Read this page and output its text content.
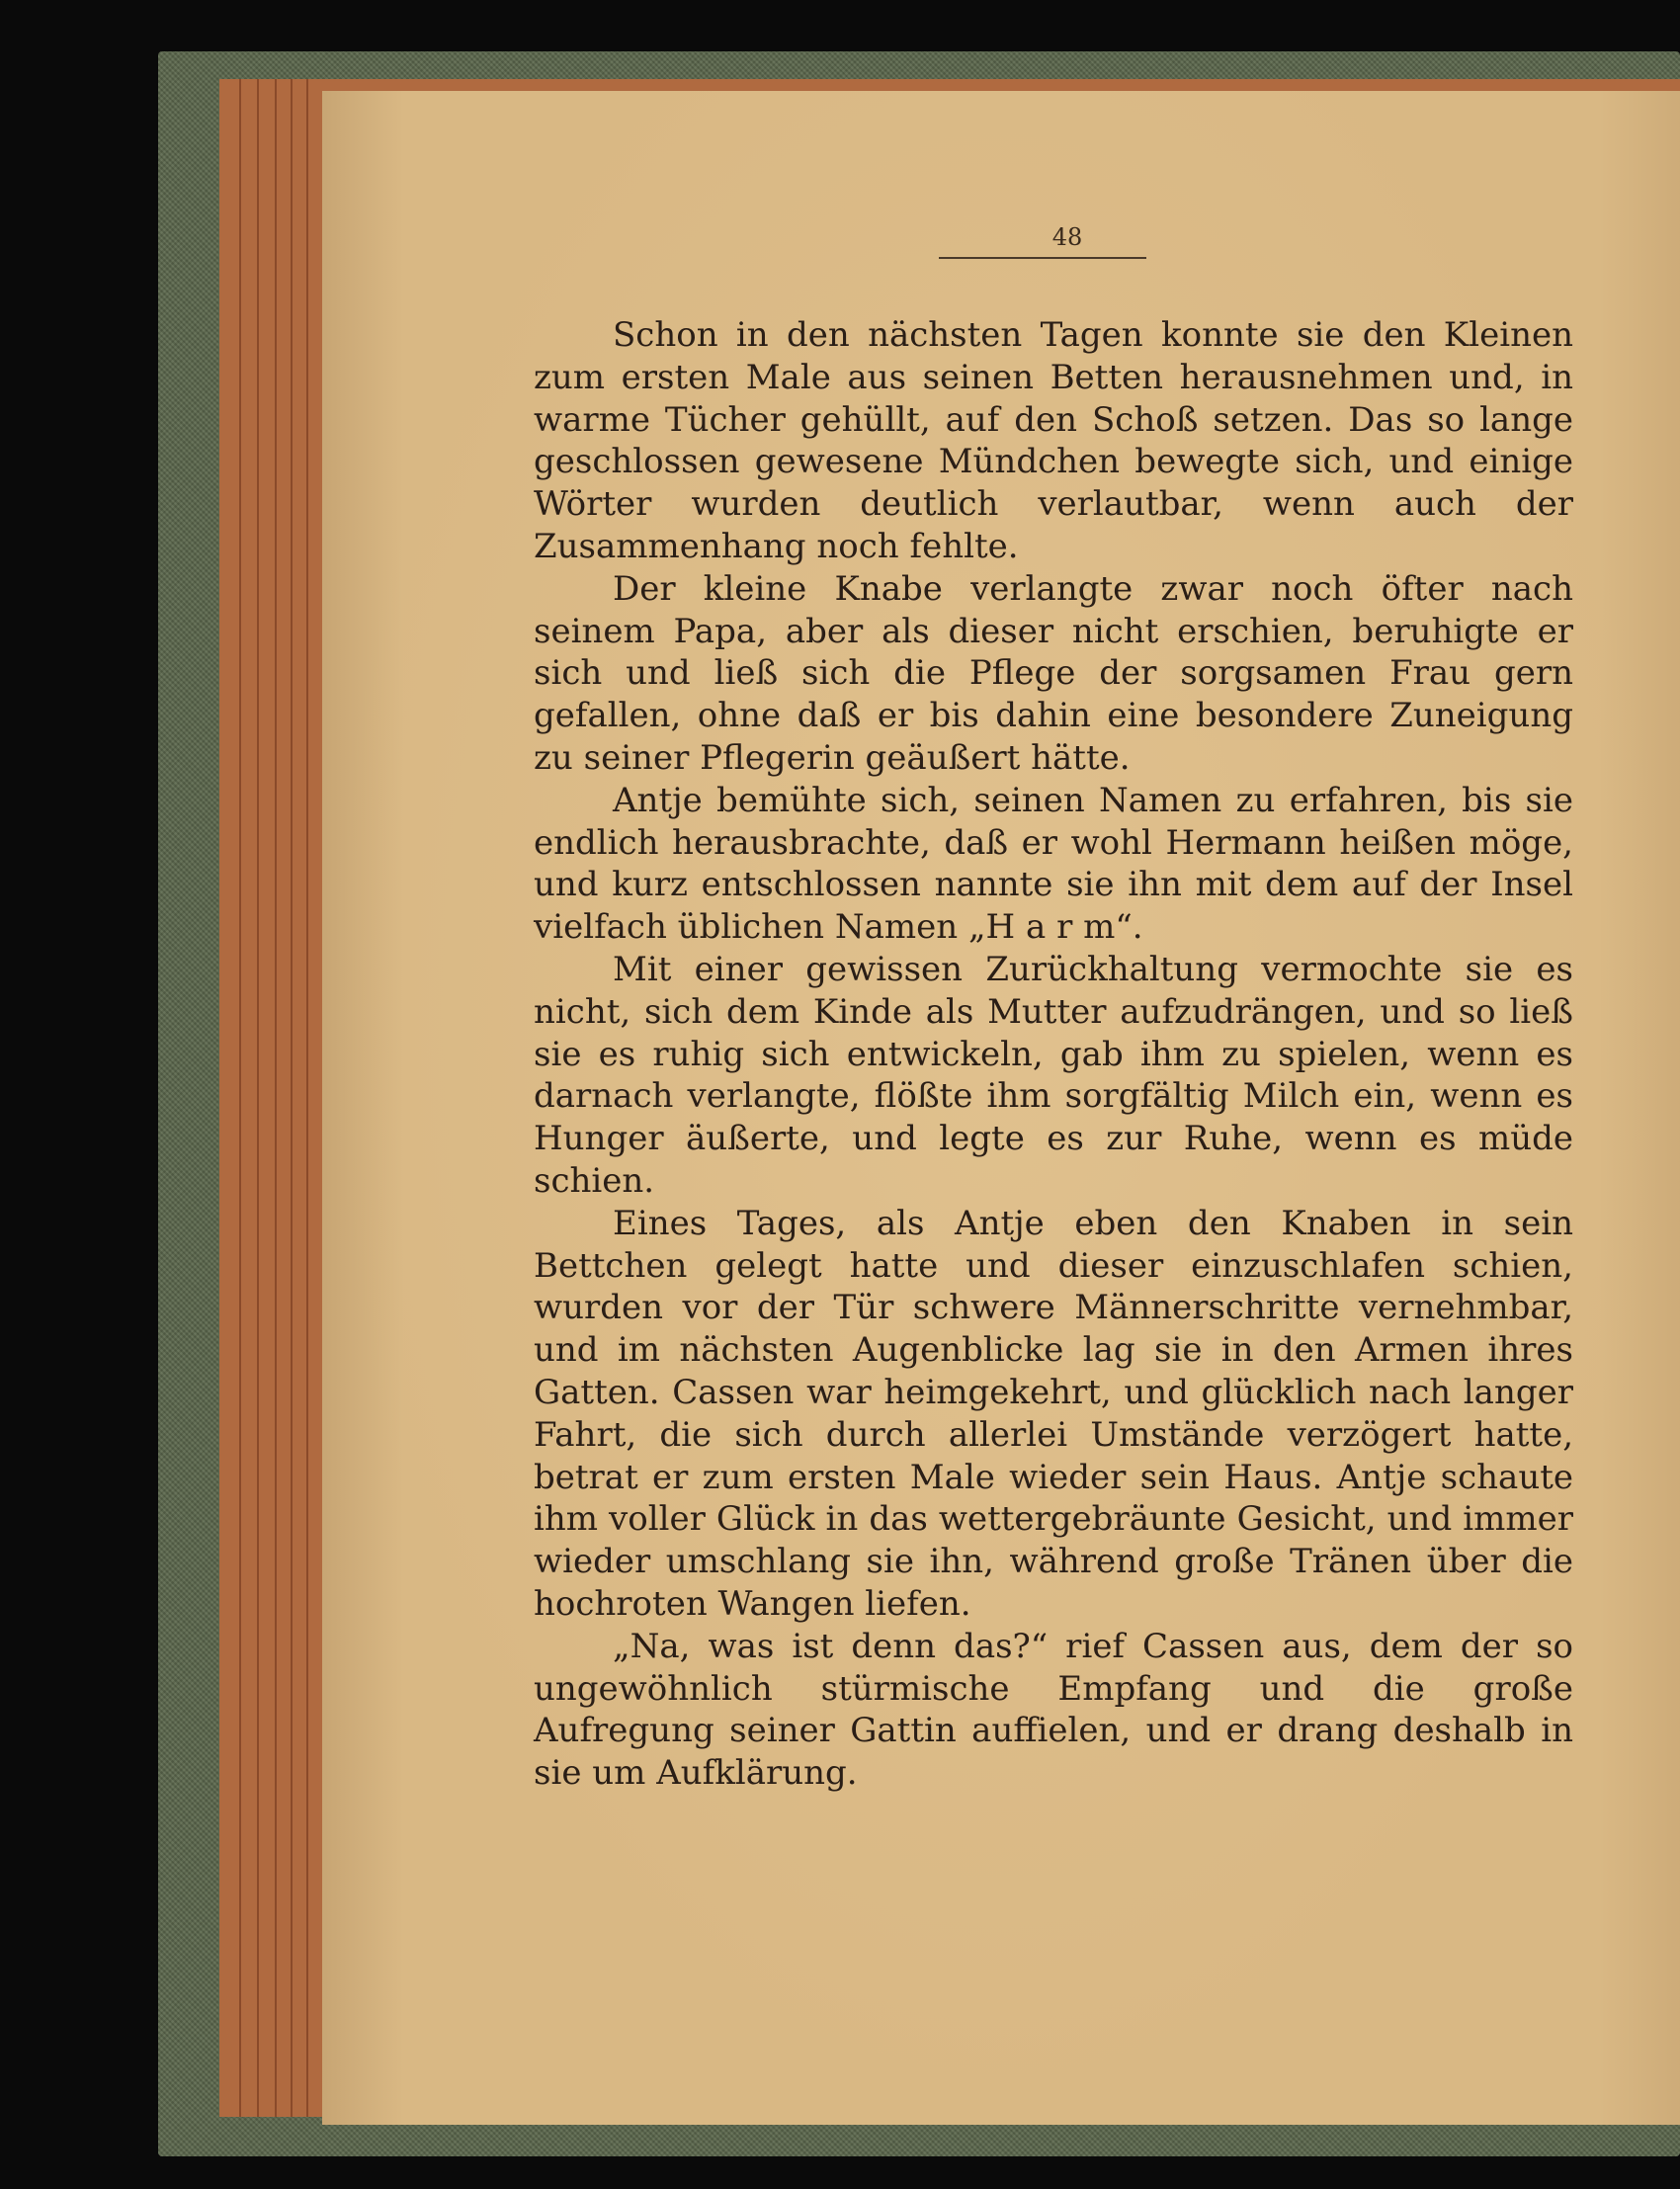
48

Schon in den nächsten Tagen konnte sie den Kleinen zum ersten Male aus seinen Betten herausnehmen und, in warme Tücher gehüllt, auf den Schoß setzen. Das so lange geschlossen gewesene Mündchen bewegte sich, und einige Wörter wurden deutlich verlautbar, wenn auch der Zusammenhang noch fehlte.

Der kleine Knabe verlangte zwar noch öfter nach seinem Papa, aber als dieser nicht erschien, beruhigte er sich und ließ sich die Pflege der sorgsamen Frau gern gefallen, ohne daß er bis dahin eine besondere Zuneigung zu seiner Pflegerin geäußert hätte.

Antje bemühte sich, seinen Namen zu erfahren, bis sie endlich herausbrachte, daß er wohl Hermann heißen möge, und kurz entschlossen nannte sie ihn mit dem auf der Insel vielfach üblichen Namen „H a r m“.

Mit einer gewissen Zurückhaltung vermochte sie es nicht, sich dem Kinde als Mutter aufzudrängen, und so ließ sie es ruhig sich entwickeln, gab ihm zu spielen, wenn es darnach verlangte, flößte ihm sorgfältig Milch ein, wenn es Hunger äußerte, und legte es zur Ruhe, wenn es müde schien.

Eines Tages, als Antje eben den Knaben in sein Bettchen gelegt hatte und dieser einzuschlafen schien, wurden vor der Tür schwere Männerschritte vernehmbar, und im nächsten Augenblicke lag sie in den Armen ihres Gatten. Cassen war heimgekehrt, und glücklich nach langer Fahrt, die sich durch allerlei Umstände verzögert hatte, betrat er zum ersten Male wieder sein Haus. Antje schaute ihm voller Glück in das wettergebräunte Gesicht, und immer wieder umschlang sie ihn, während große Tränen über die hochroten Wangen liefen.

„Na, was ist denn das?“ rief Cassen aus, dem der so ungewöhnlich stürmische Empfang und die große Aufregung seiner Gattin auffielen, und er drang deshalb in sie um Aufklärung.
